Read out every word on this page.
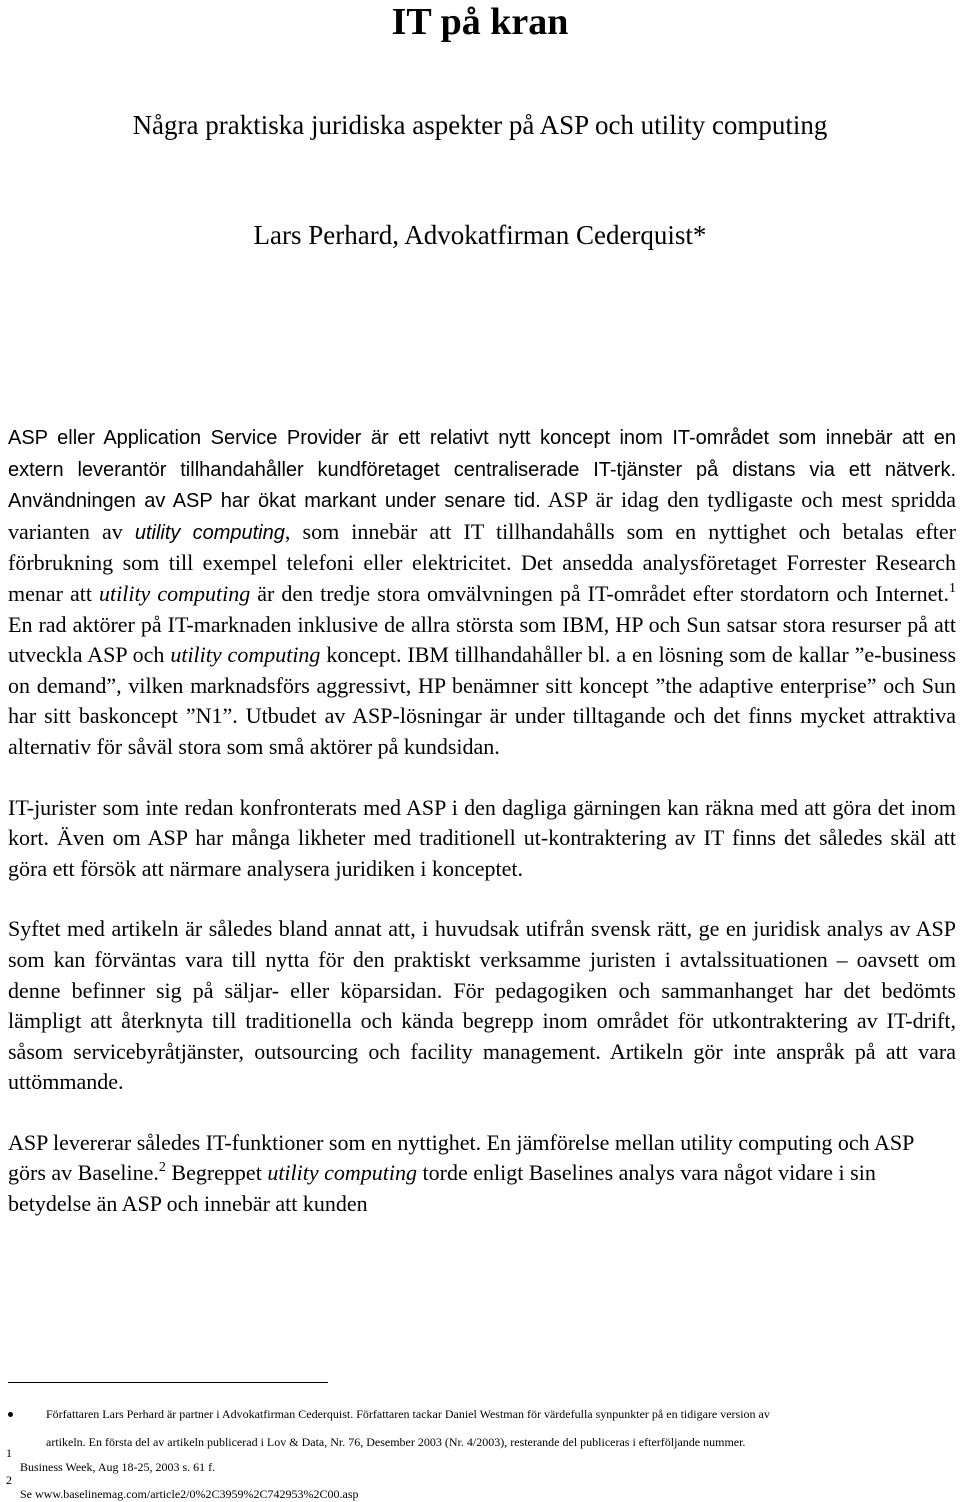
IT på kran
Några praktiska juridiska aspekter på ASP och utility computing
Lars Perhard, Advokatfirman Cederquist*

ASP eller Application Service Provider är ett relativt nytt koncept inom IT-området som innebär att en extern leverantör tillhandahåller kundföretaget centraliserade IT-tjänster på distans via ett nätverk. Användningen av ASP har ökat markant under senare tid. ASP är idag den tydligaste och mest spridda varianten av utility computing, som innebär att IT tillhandahålls som en nyttighet och betalas efter förbrukning som till exempel telefoni eller elektricitet. Det ansedda analysföretaget Forrester Research menar att utility computing är den tredje stora omvälvningen på IT-området efter stordatorn och Internet.$^1$ En rad aktörer på IT-marknaden inklusive de allra största som IBM, HP och Sun satsar stora resurser på att utveckla ASP och utility computing koncept. IBM tillhandahåller bl. a en lösning som de kallar ”e-business on demand”, vilken marknadsförs aggressivt, HP benämner sitt koncept ”the adaptive enterprise” och Sun har sitt baskoncept ”N1”. Utbudet av ASP-lösningar är under tilltagande och det finns mycket attraktiva alternativ för såväl stora som små aktörer på kundsidan.

IT-jurister som inte redan konfronterats med ASP i den dagliga gärningen kan räkna med att göra det inom kort. Även om ASP har många likheter med traditionell ut-kontraktering av IT finns det således skäl att göra ett försök att närmare analysera juridiken i konceptet.

Syftet med artikeln är således bland annat att, i huvudsak utifrån svensk rätt, ge en juridisk analys av ASP som kan förväntas vara till nytta för den praktiskt verksamme juristen i avtalssituationen – oavsett om denne befinner sig på säljar- eller köparsidan. För pedagogiken och sammanhanget har det bedömts lämpligt att återknyta till traditionella och kända begrepp inom området för utkontraktering av IT-drift, såsom servicebyråtjänster, outsourcing och facility management. Artikeln gör inte anspråk på att vara uttömmande.

ASP levererar således IT-funktioner som en nyttighet. En jämförelse mellan utility computing och ASP görs av Baseline.$^2$ Begreppet utility computing torde enligt Baselines analys vara något vidare i sin betydelse än ASP och innebär att kunden

Författaren Lars Perhard är partner i Advokatfirman Cederquist. Författaren tackar Daniel Westman för värdefulla synpunkter på en tidigare version av
artikeln. En första del av artikeln publicerad i Lov & Data, Nr. 76, Desember 2003 (Nr. 4/2003), resterande del publiceras i efterföljande nummer.
1
Business Week, Aug 18-25, 2003 s. 61 f.
2
Se www.baselinemag.com/article2/0%2C3959%2C742953%2C00.asp
